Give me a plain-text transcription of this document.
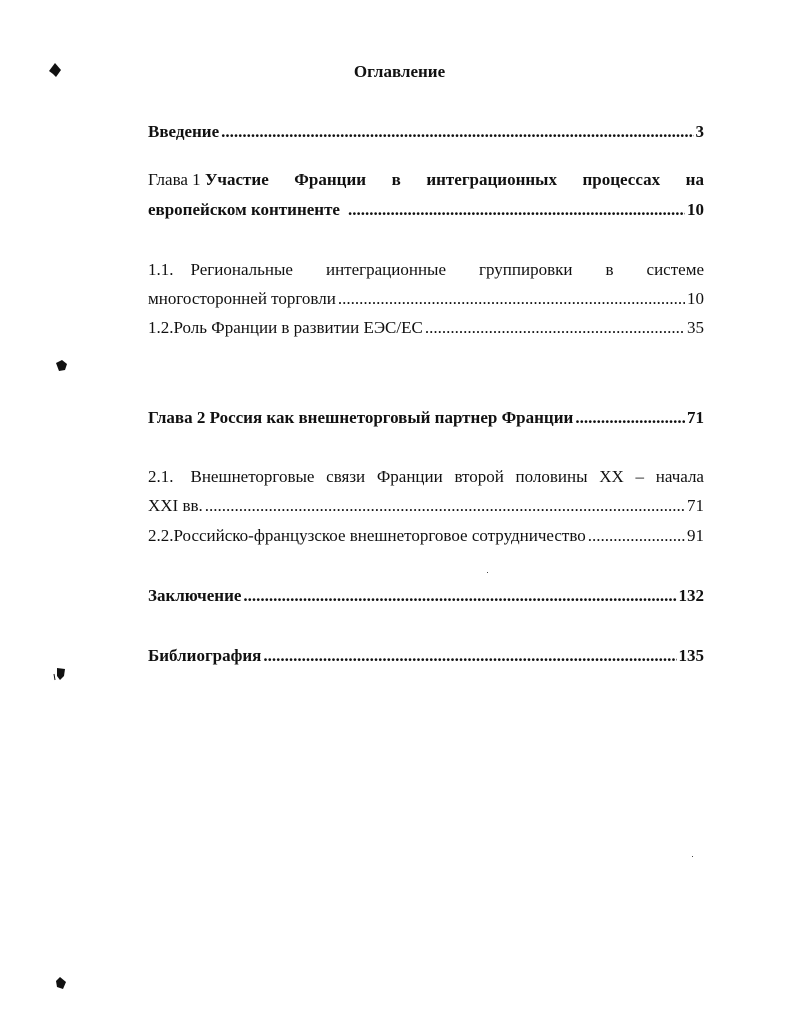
Оглавление
Введение .....	3
Глава 1 Участие Франции в интеграционных процессах на
европейском континенте .....	10
1.1. Региональные интеграционные группировки в системе
многосторонней торговли .....	10
1.2. Роль Франции в развитии ЕЭС/ЕС .....	35
Глава 2 Россия как внешнеторговый партнер Франции .....	71
2.1. Внешнеторговые связи Франции второй половины XX – начала
XXI вв. .....	71
2.2. Российско-французское внешнеторговое сотрудничество .....	91
Заключение .....	132
Библиография .....	135
